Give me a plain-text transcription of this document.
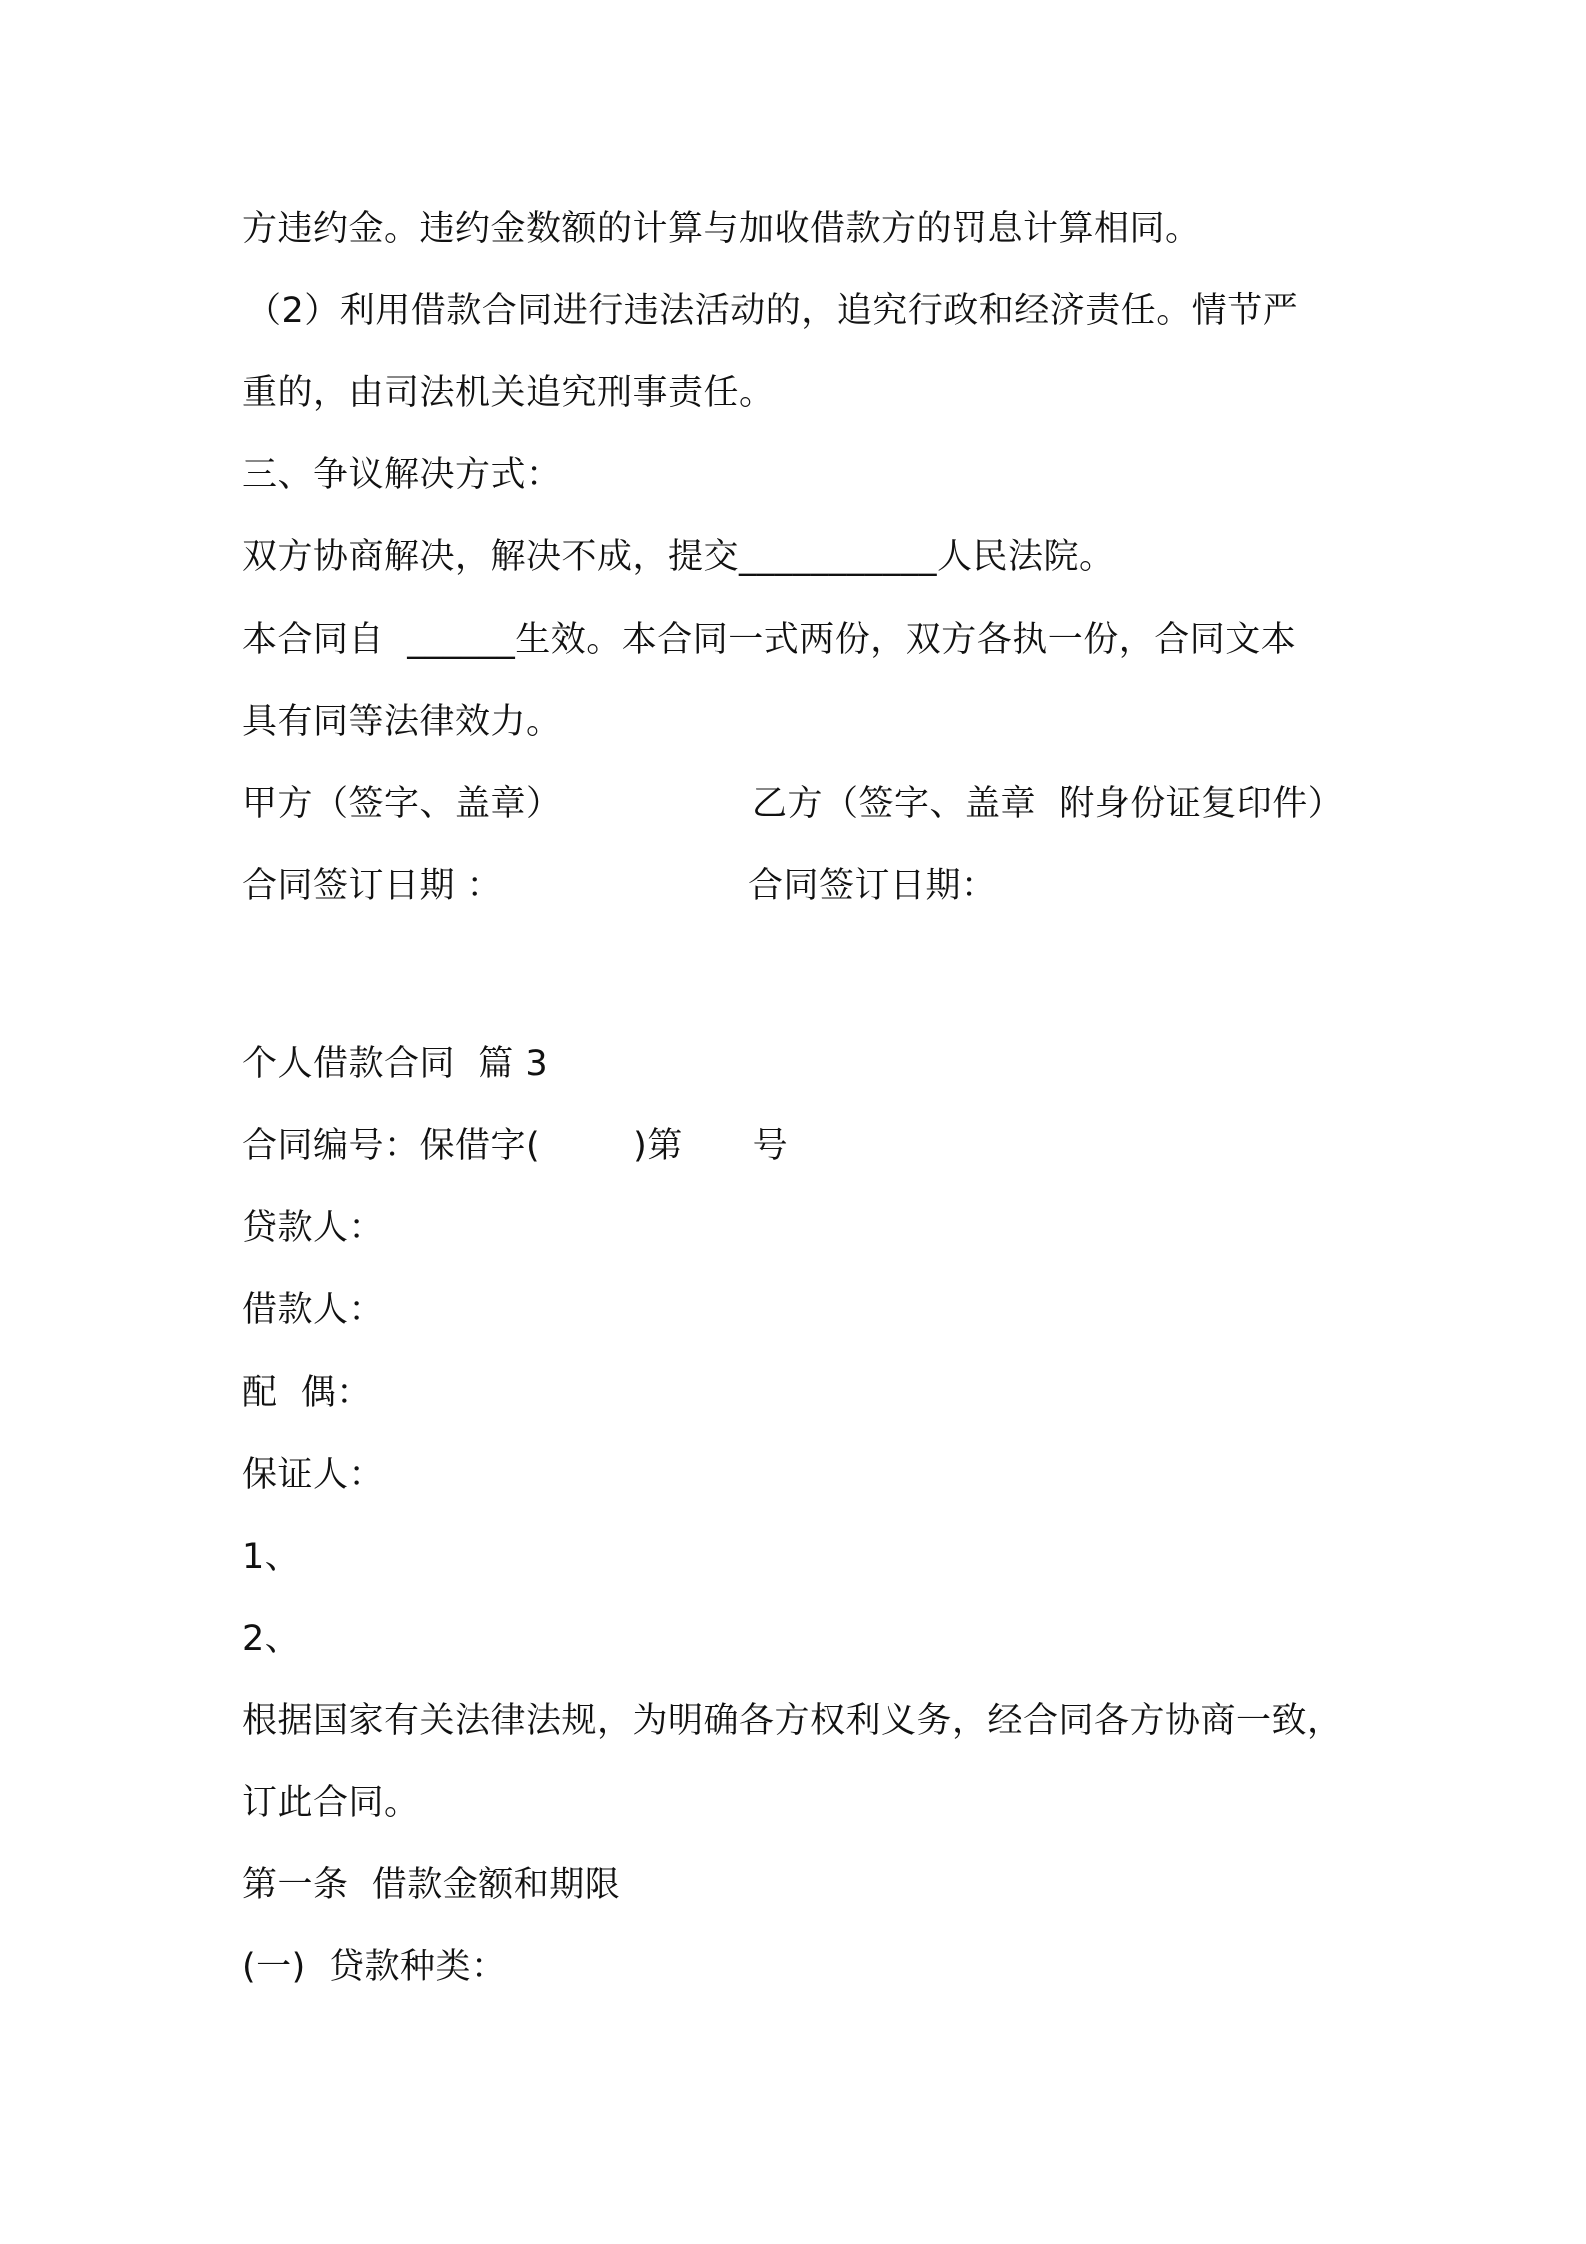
方违约金。违约金数额的计算与加收借款方的罚息计算相同。
（2）利用借款合同进行违法活动的，追究行政和经济责任。情节严
重的，由司法机关追究刑事责任。
三、争议解决方式：
双方协商解决，解决不成，提交___________人民法院。
本合同自  ______生效。本合同一式两份，双方各执一份，合同文本
具有同等法律效力。
甲方（签字、盖章）	乙方（签字、盖章  附身份证复印件）
合同签订日期 ：	合同签订日期：
个人借款合同  篇 3
合同编号：保借字(        )第      号
贷款人：
借款人：
配  偶：
保证人：
1、
2、
根据国家有关法律法规，为明确各方权利义务，经合同各方协商一致，
订此合同。
第一条  借款金额和期限
(一)  贷款种类：
